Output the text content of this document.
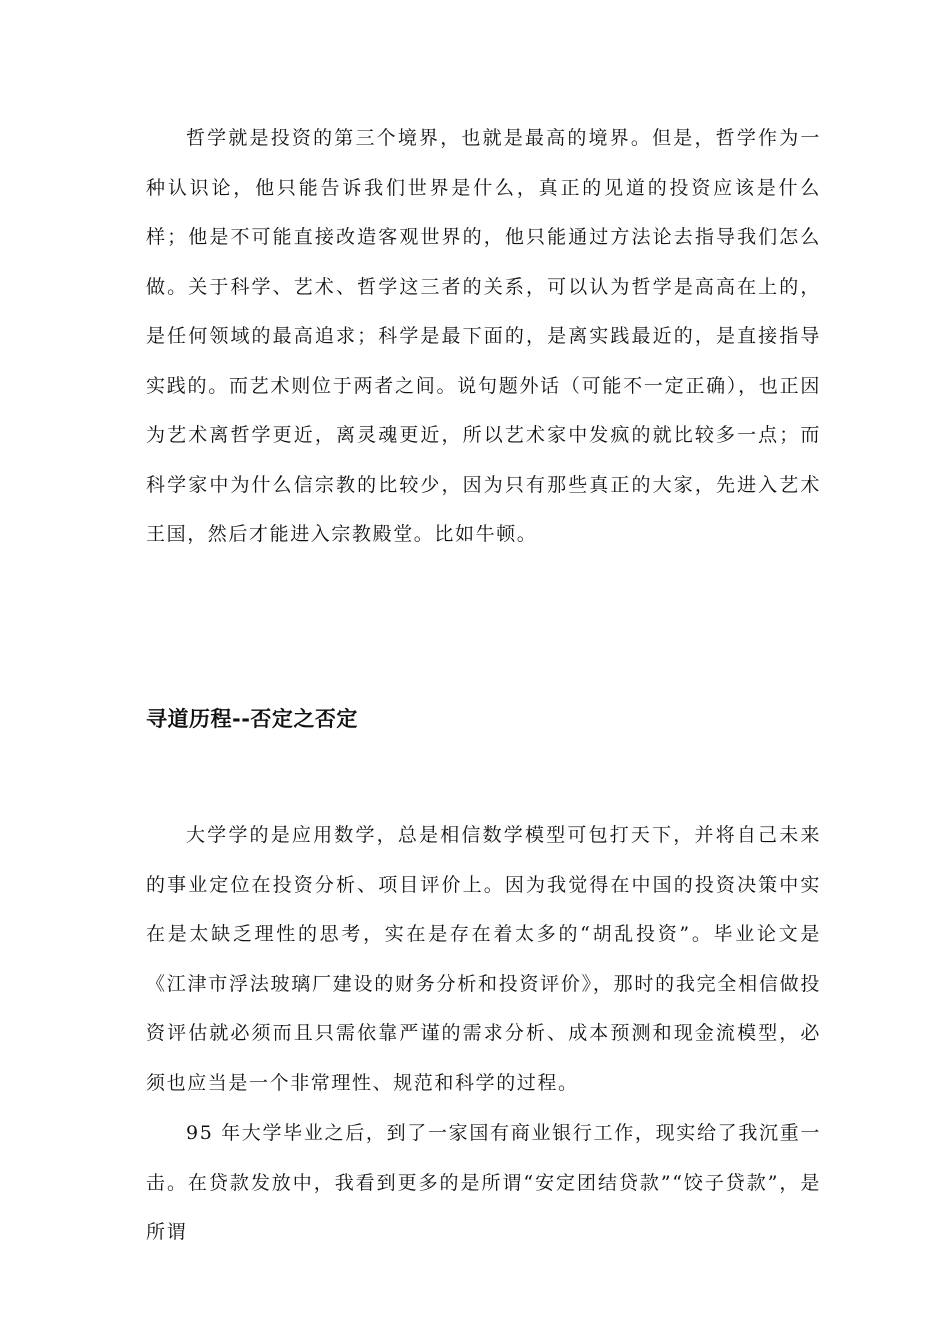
哲学就是投资的第三个境界，也就是最高的境界。但是，哲学作为一种认识论，他只能告诉我们世界是什么，真正的见道的投资应该是什么样；他是不可能直接改造客观世界的，他只能通过方法论去指导我们怎么做。关于科学、艺术、哲学这三者的关系，可以认为哲学是高高在上的，是任何领域的最高追求；科学是最下面的，是离实践最近的，是直接指导实践的。而艺术则位于两者之间。说句题外话（可能不一定正确），也正因为艺术离哲学更近，离灵魂更近，所以艺术家中发疯的就比较多一点；而科学家中为什么信宗教的比较少，因为只有那些真正的大家，先进入艺术王国，然后才能进入宗教殿堂。比如牛顿。

寻道历程--否定之否定

大学学的是应用数学，总是相信数学模型可包打天下，并将自己未来的事业定位在投资分析、项目评价上。因为我觉得在中国的投资决策中实在是太缺乏理性的思考，实在是存在着太多的“胡乱投资”。毕业论文是《江津市浮法玻璃厂建设的财务分析和投资评价》，那时的我完全相信做投资评估就必须而且只需依靠严谨的需求分析、成本预测和现金流模型，必须也应当是一个非常理性、规范和科学的过程。

95 年大学毕业之后，到了一家国有商业银行工作，现实给了我沉重一击。在贷款发放中，我看到更多的是所谓“安定团结贷款”“饺子贷款”，是所谓
